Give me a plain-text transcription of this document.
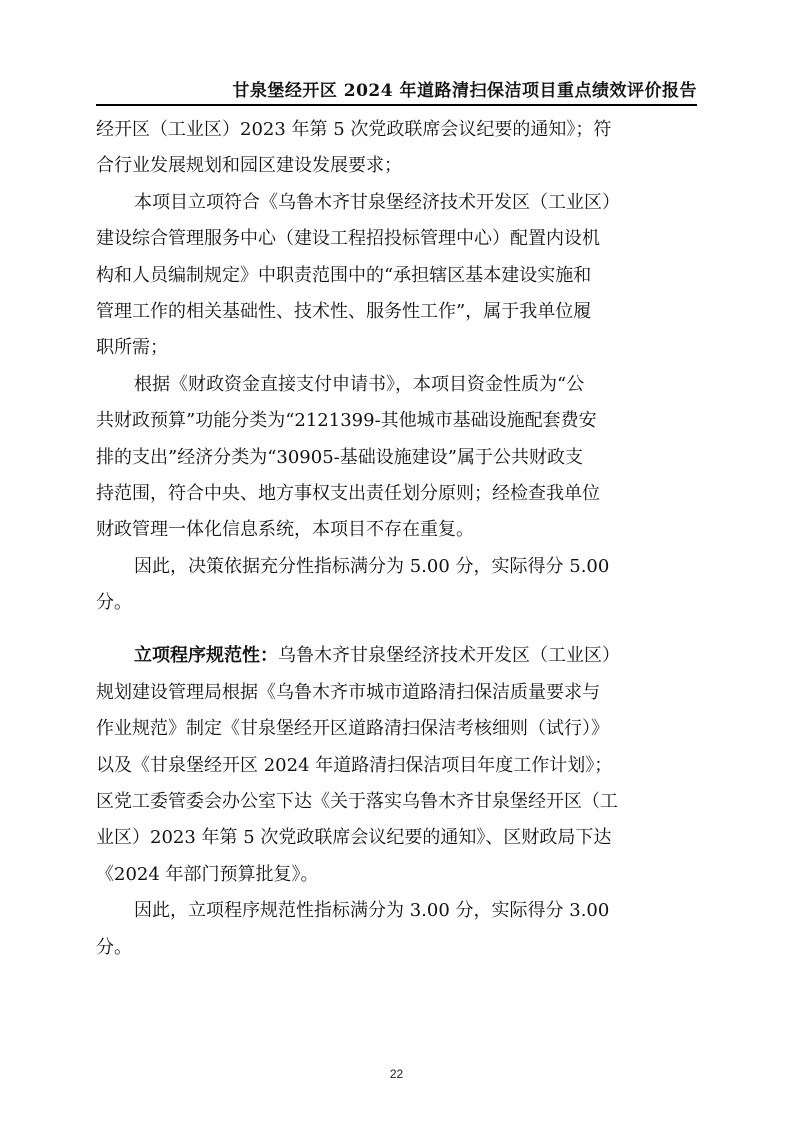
甘泉堡经开区 2024 年道路清扫保洁项目重点绩效评价报告
经开区（工业区）2023 年第 5 次党政联席会议纪要的通知》；符
合行业发展规划和园区建设发展要求；
本项目立项符合《乌鲁木齐甘泉堡经济技术开发区（工业区）
建设综合管理服务中心（建设工程招投标管理中心）配置内设机
构和人员编制规定》中职责范围中的“承担辖区基本建设实施和
管理工作的相关基础性、技术性、服务性工作”，属于我单位履
职所需；
根据《财政资金直接支付申请书》，本项目资金性质为“公
共财政预算”功能分类为“2121399-其他城市基础设施配套费安
排的支出”经济分类为“30905-基础设施建设”属于公共财政支
持范围，符合中央、地方事权支出责任划分原则；经检查我单位
财政管理一体化信息系统，本项目不存在重复。
因此，决策依据充分性指标满分为 5.00 分，实际得分 5.00
分。
立项程序规范性：乌鲁木齐甘泉堡经济技术开发区（工业区）
规划建设管理局根据《乌鲁木齐市城市道路清扫保洁质量要求与
作业规范》制定《甘泉堡经开区道路清扫保洁考核细则（试行）》
以及《甘泉堡经开区 2024 年道路清扫保洁项目年度工作计划》；
区党工委管委会办公室下达《关于落实乌鲁木齐甘泉堡经开区（工
业区）2023 年第 5 次党政联席会议纪要的通知》、区财政局下达
《2024 年部门预算批复》。
因此，立项程序规范性指标满分为 3.00 分，实际得分 3.00
分。
22
